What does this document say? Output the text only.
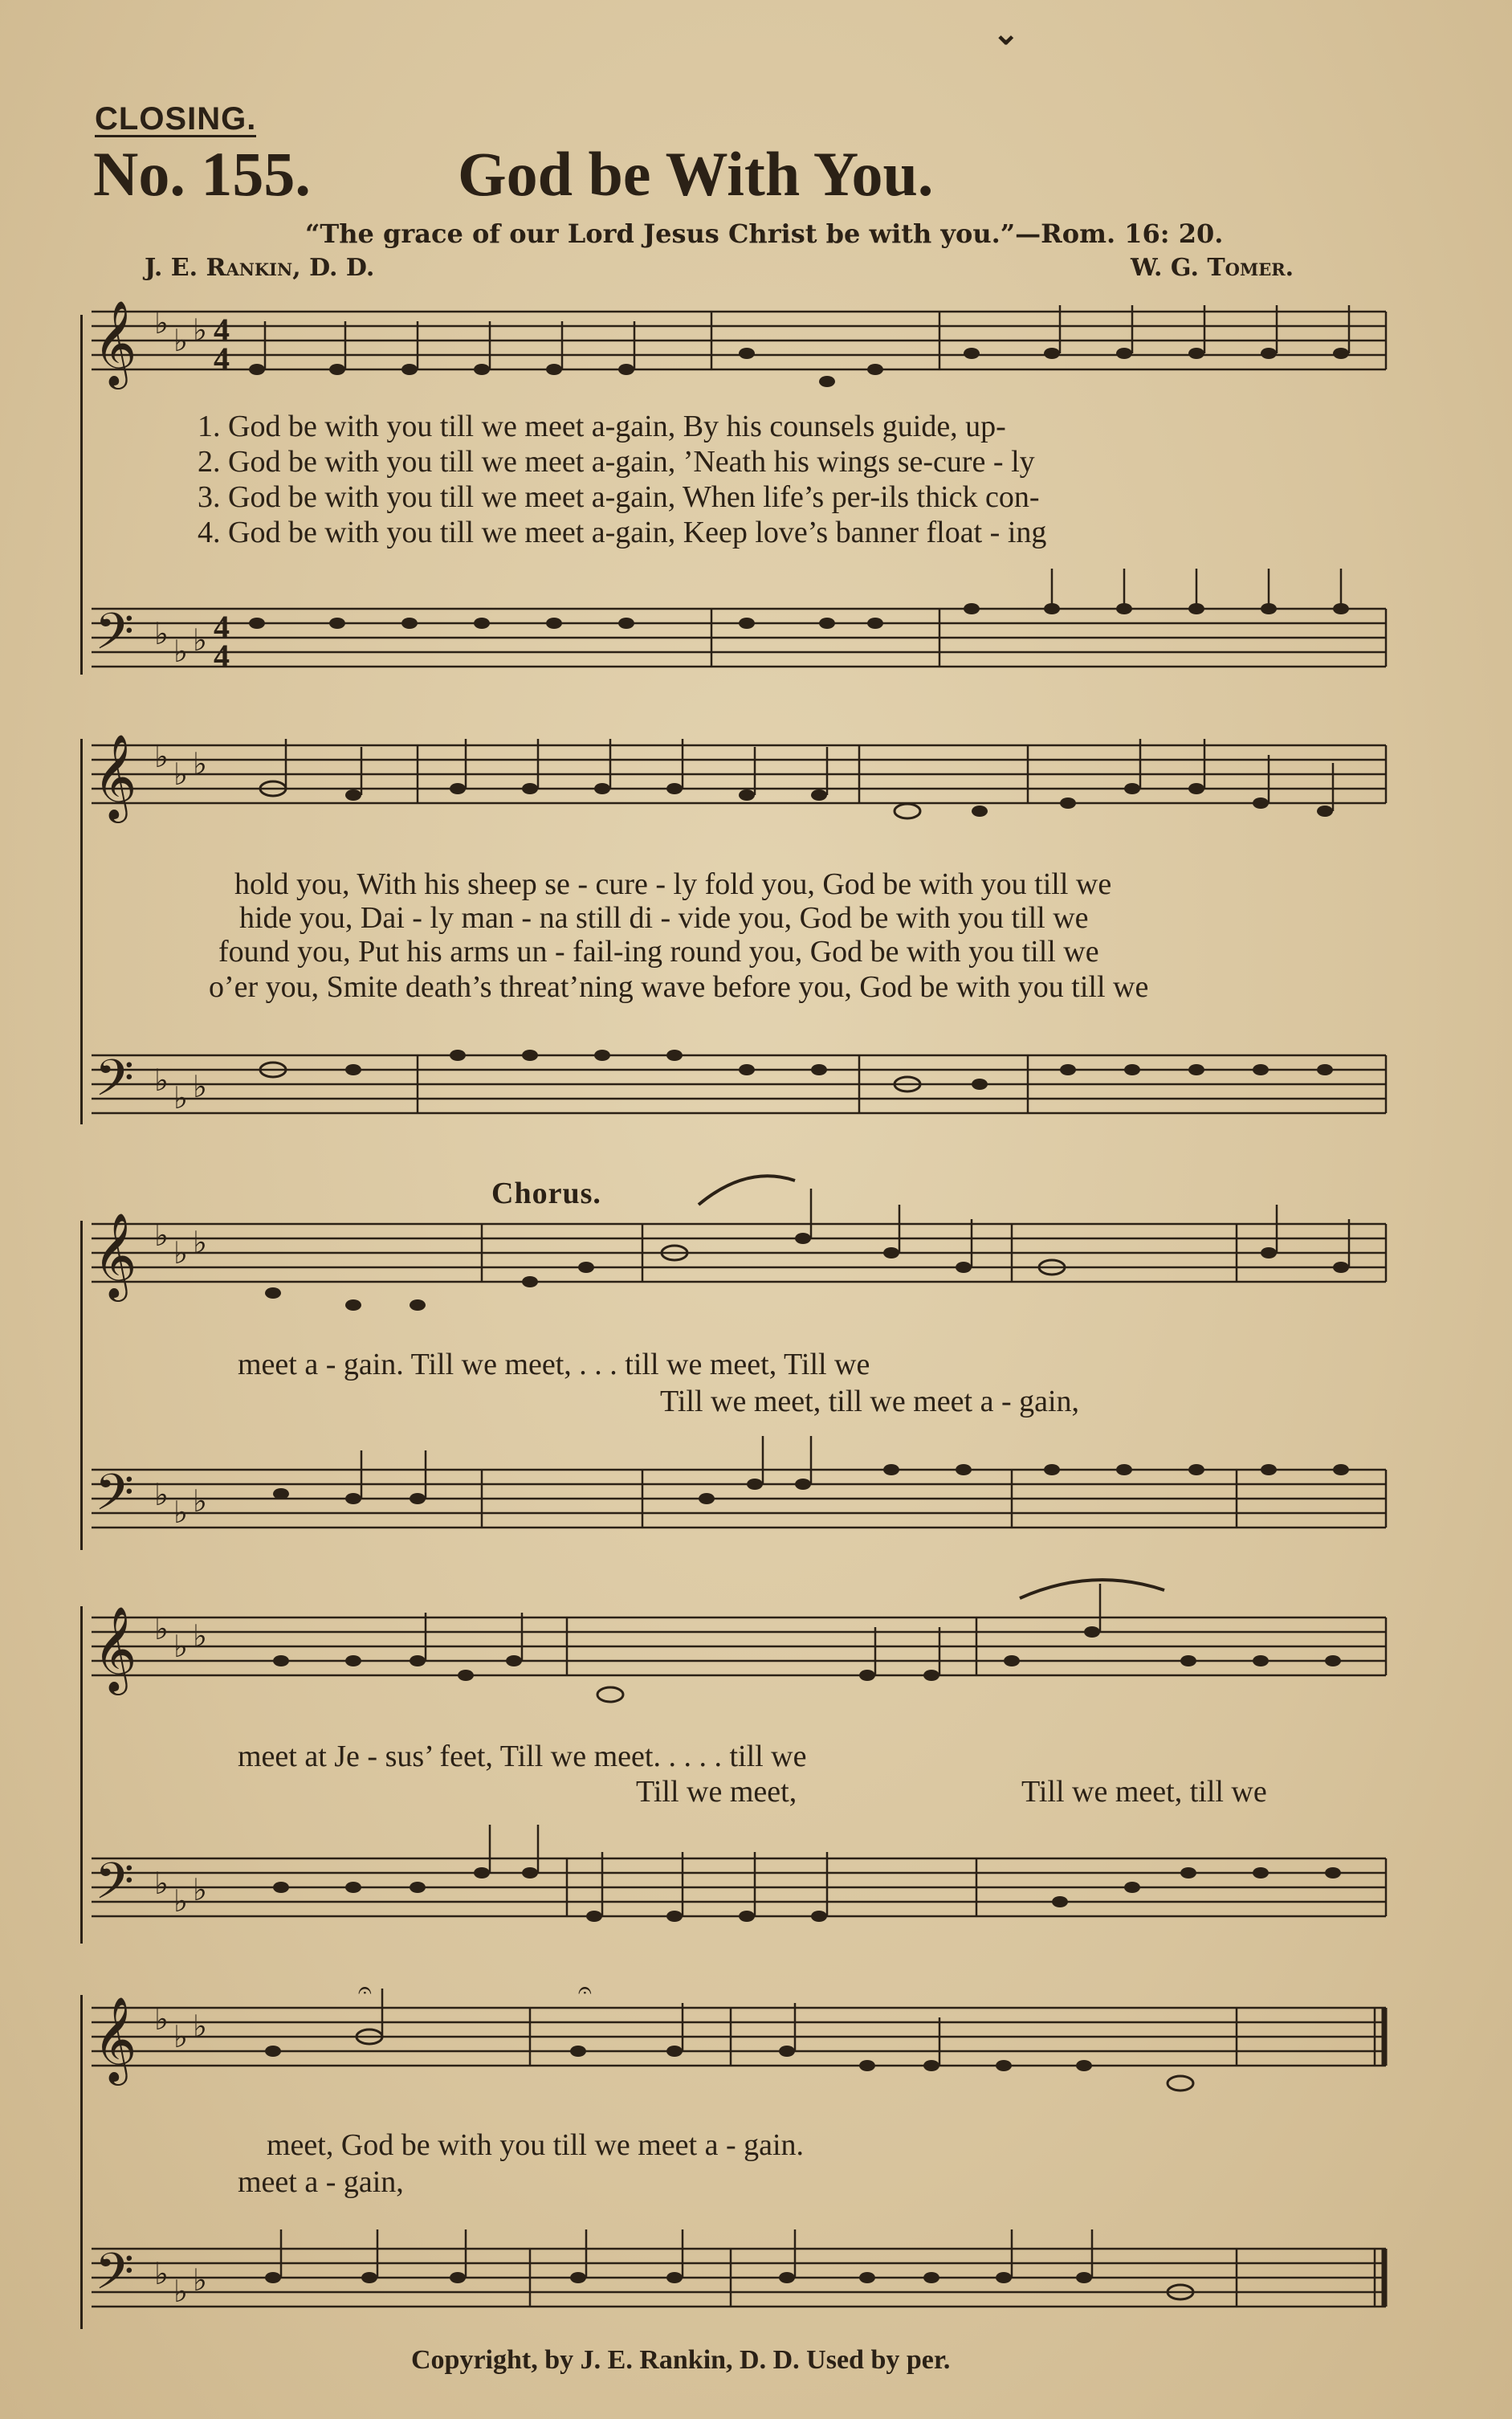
⌄
CLOSING.
No. 155. God be With You.
“The grace of our Lord Jesus Christ be with you.”—Rom. 16: 20.
J. E. Rankin, D. D.	W. G. Tomer.
𝄞
𝄢
♭ ♭ ♭
♭ ♭ ♭
4
4
4
4
1. God be with you till we meet a-gain, By his counsels guide, up-
2. God be with you till we meet a-gain, ’Neath his wings se-cure - ly
3. God be with you till we meet a-gain, When life’s per-ils thick con-
4. God be with you till we meet a-gain, Keep love’s banner float - ing
𝄞
𝄢
♭ ♭ ♭
♭ ♭ ♭
hold you, With his sheep se - cure - ly fold you, God be with you till we
hide you, Dai - ly man - na still di - vide you, God be with you till we
found you, Put his arms un - fail-ing round you, God be with you till we
o’er you, Smite death’s threat’ning wave before you, God be with you till we
Chorus.
𝄞
𝄢
♭ ♭ ♭
♭ ♭ ♭
meet a - gain. Till we meet, . . . till we meet, Till we
Till we meet, till we meet a - gain,
𝄞
𝄢
♭ ♭ ♭
♭ ♭ ♭
meet at Je - sus’ feet, Till we meet. . . . . till we
Till we meet,	Till we meet, till we
𝄞
𝄢
♭ ♭ ♭
♭ ♭ ♭
𝄐	𝄐
meet, God be with you till we meet a - gain.
meet a - gain,
Copyright, by J. E. Rankin, D. D. Used by per.
